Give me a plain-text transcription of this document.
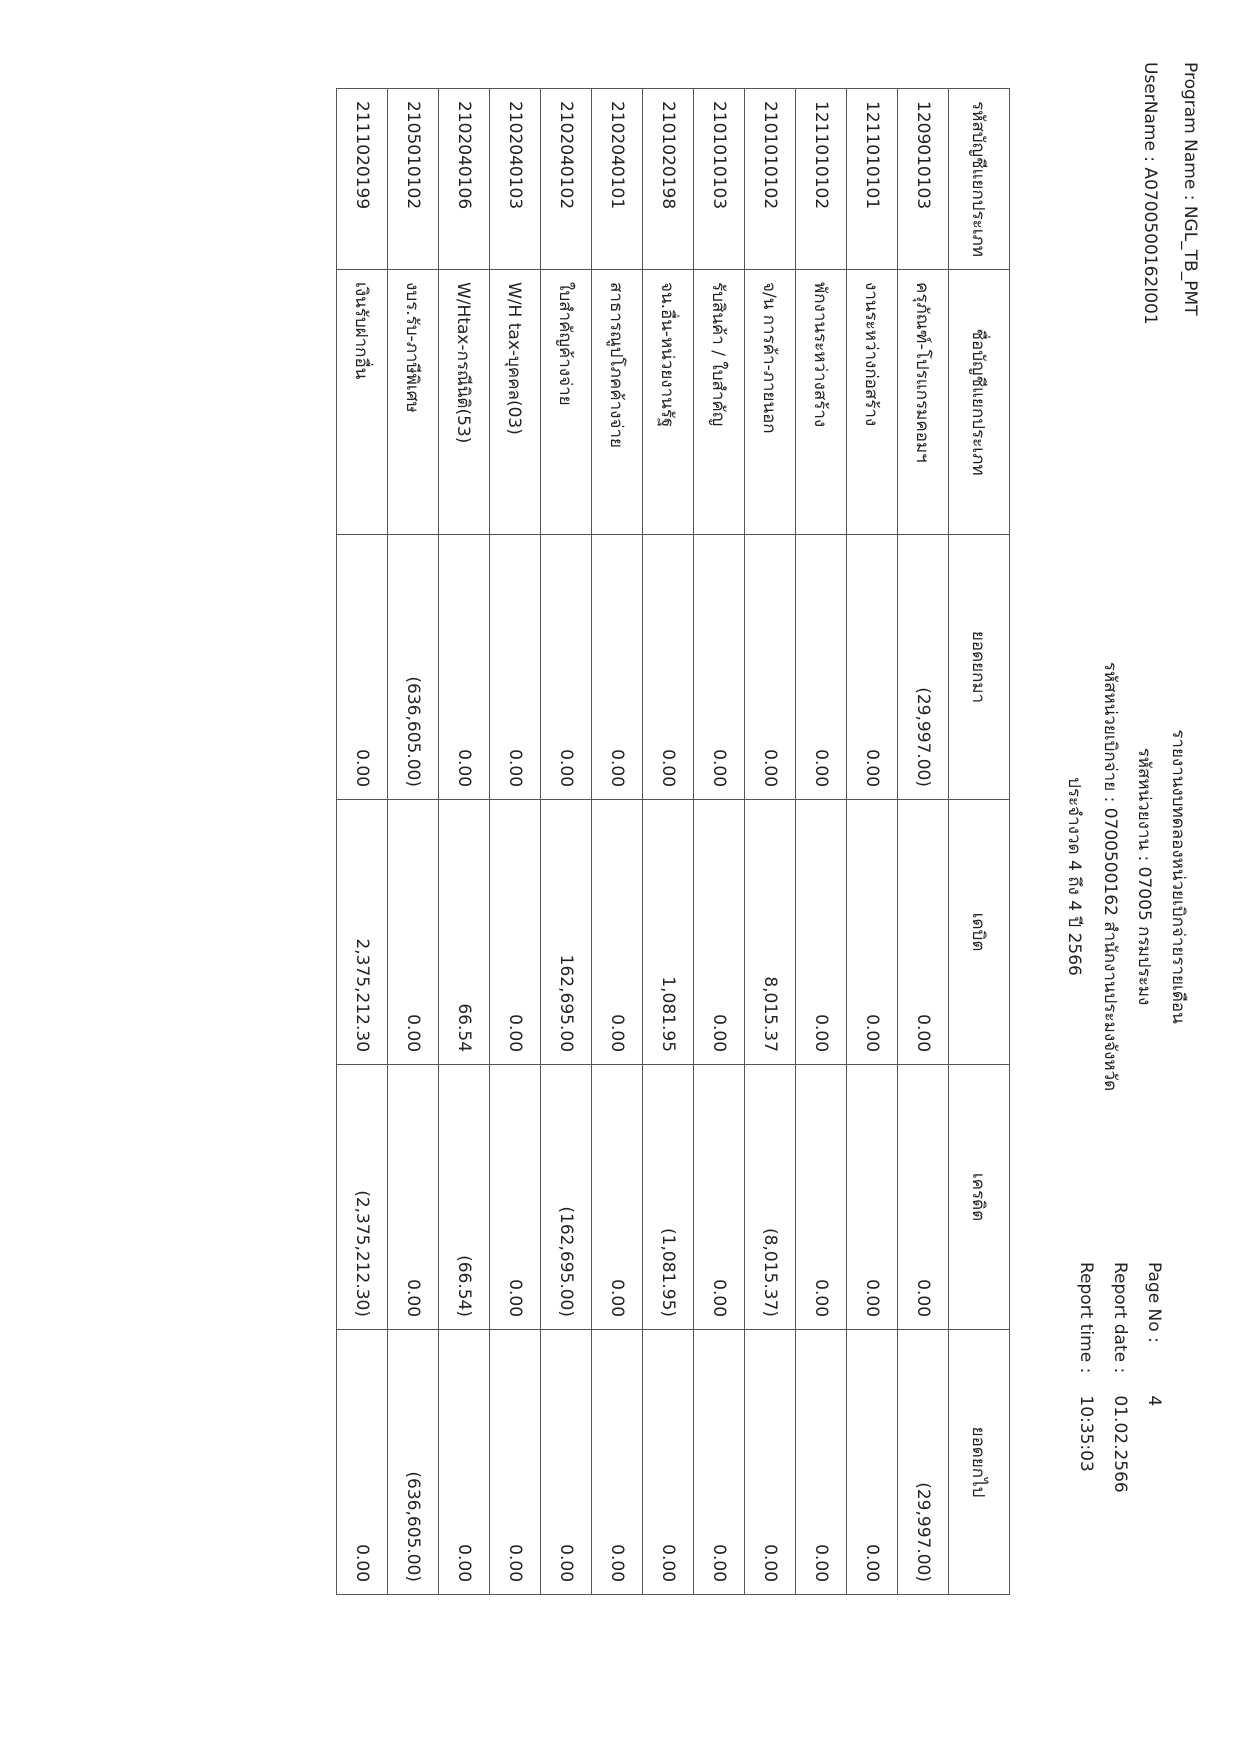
Program Name : NGL_TB_PMT
UserName : A0700500162I001
รายงานงบทดลองหน่วยเบิกจ่ายรายเดือน
รหัสหน่วยงาน : 07005 กรมประมง
รหัสหน่วยเบิกจ่าย : 0700500162 สำนักงานประมงจังหวัด
ประจำงวด 4 ถึง 4 ปี 2566
Page No : 4
Report date : 01.02.2566
Report time : 10:35:03
รหัสบัญชีแยกประเภท	ชื่อบัญชีแยกประเภท	ยอดยกมา	เดบิต	เครดิต	ยอดยกไป
1209010103	ครุภัณฑ์-โปรแกรมคอมฯ	(29,997.00)	0.00	0.00	(29,997.00)
1211010101	งานระหว่างก่อสร้าง	0.00	0.00	0.00	0.00
1211010102	พักงานระหว่างสร้าง	0.00	0.00	0.00	0.00
2101010102	จ/น การค้า-ภายนอก	0.00	8,015.37	(8,015.37)	0.00
2101010103	รับสินค้า / ใบสำคัญ	0.00	0.00	0.00	0.00
2101020198	จน.อื่น-หน่วยงานรัฐ	0.00	1,081.95	(1,081.95)	0.00
2102040101	สาธารณูปโภคค้างจ่าย	0.00	0.00	0.00	0.00
2102040102	ใบสำคัญค้างจ่าย	0.00	162,695.00	(162,695.00)	0.00
2102040103	W/H tax-บุคคล(03)	0.00	0.00	0.00	0.00
2102040106	W/Htax-กรณีนิติ(53)	0.00	66.54	(66.54)	0.00
2105010102	งบร.รับ-ภาษีพิเศษ	(636,605.00)	0.00	0.00	(636,605.00)
2111020199	เงินรับฝากอื่น	0.00	2,375,212.30	(2,375,212.30)	0.00
